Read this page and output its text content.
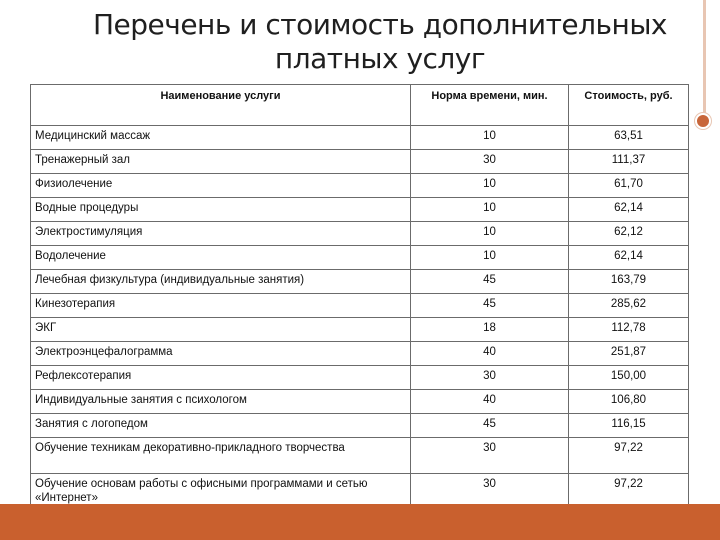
Перечень и стоимость дополнительных
платных услуг
Наименование услуги	Норма времени, мин.	Стоимость, руб.
Медицинский массаж	10	63,51
Тренажерный зал	30	111,37
Физиолечение	10	61,70
Водные процедуры	10	62,14
Электростимуляция	10	62,12
Водолечение	10	62,14
Лечебная физкультура (индивидуальные занятия)	45	163,79
Кинезотерапия	45	285,62
ЭКГ	18	112,78
Электроэнцефалограмма	40	251,87
Рефлексотерапия	30	150,00
Индивидуальные занятия с психологом	40	106,80
Занятия с логопедом	45	116,15
Обучение техникам декоративно-прикладного творчества	30	97,22
Обучение основам работы с офисными программами и сетью «Интернет»	30	97,22
